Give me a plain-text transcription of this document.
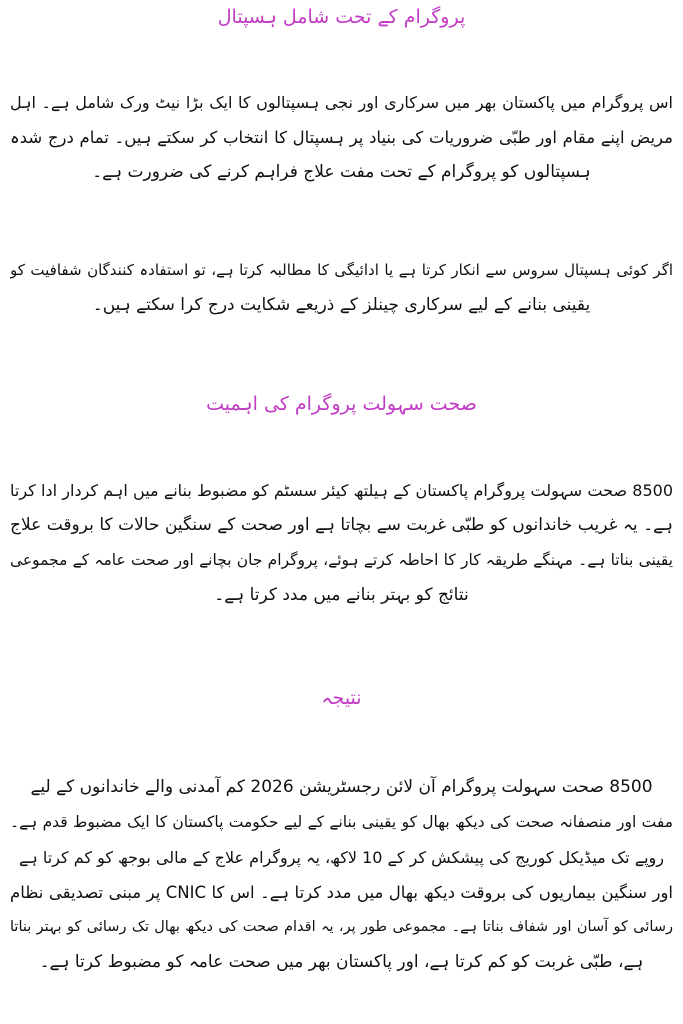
پروگرام کے تحت شامل ہسپتال
اس پروگرام میں پاکستان بھر میں سرکاری اور نجی ہسپتالوں کا ایک بڑا نیٹ ورک شامل ہے۔ اہل
مریض اپنے مقام اور طبّی ضروریات کی بنیاد پر ہسپتال کا انتخاب کر سکتے ہیں۔ تمام درج شدہ
ہسپتالوں کو پروگرام کے تحت مفت علاج فراہم کرنے کی ضرورت ہے۔
اگر کوئی ہسپتال سروس سے انکار کرتا ہے یا ادائیگی کا مطالبہ کرتا ہے، تو استفادہ کنندگان شفافیت کو
یقینی بنانے کے لیے سرکاری چینلز کے ذریعے شکایت درج کرا سکتے ہیں۔
صحت سہولت پروگرام کی اہمیت
8500 صحت سہولت پروگرام پاکستان کے ہیلتھ کیئر سسٹم کو مضبوط بنانے میں اہم کردار ادا کرتا
ہے۔ یہ غریب خاندانوں کو طبّی غربت سے بچاتا ہے اور صحت کے سنگین حالات کا بروقت علاج
یقینی بناتا ہے۔ مہنگے طریقہ کار کا احاطہ کرتے ہوئے، پروگرام جان بچانے اور صحت عامہ کے مجموعی
نتائج کو بہتر بنانے میں مدد کرتا ہے۔
نتیجہ
8500 صحت سہولت پروگرام آن لائن رجسٹریشن 2026 کم آمدنی والے خاندانوں کے لیے
مفت اور منصفانہ صحت کی دیکھ بھال کو یقینی بنانے کے لیے حکومت پاکستان کا ایک مضبوط قدم ہے۔
روپے تک میڈیکل کوریج کی پیشکش کر کے 10 لاکھ، یہ پروگرام علاج کے مالی بوجھ کو کم کرتا ہے
اور سنگین بیماریوں کی بروقت دیکھ بھال میں مدد کرتا ہے۔ اس کا CNIC پر مبنی تصدیقی نظام
رسائی کو آسان اور شفاف بناتا ہے۔ مجموعی طور پر، یہ اقدام صحت کی دیکھ بھال تک رسائی کو بہتر بناتا
ہے، طبّی غربت کو کم کرتا ہے، اور پاکستان بھر میں صحت عامہ کو مضبوط کرتا ہے۔
